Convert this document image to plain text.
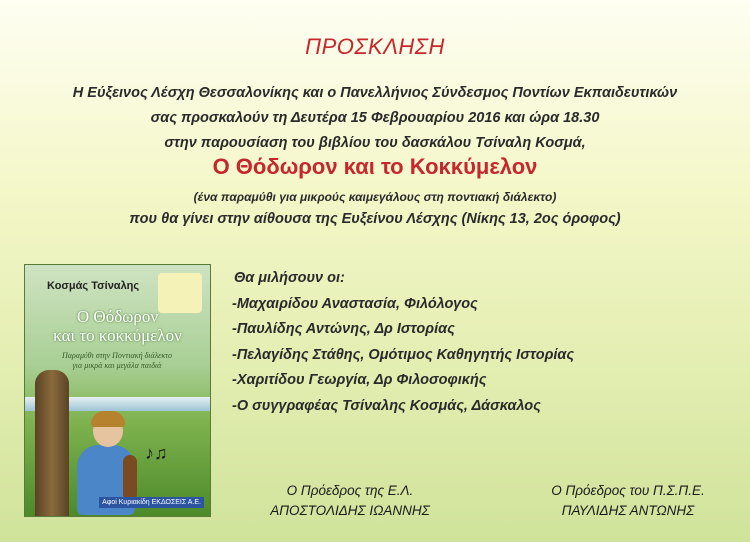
ΠΡΟΣΚΛΗΣΗ
Η Εύξεινος Λέσχη Θεσσαλονίκης και ο Πανελλήνιος Σύνδεσμος Ποντίων Εκπαιδευτικών
σας προσκαλούν τη Δευτέρα 15 Φεβρουαρίου 2016 και ώρα 18.30
στην παρουσίαση του βιβλίου του δασκάλου Τσίναλη Κοσμά,
Ο Θόδωρον και το Κοκκύμελον
(ένα παραμύθι για μικρούς καιμεγάλους στη ποντιακή διάλεκτο)
που θα γίνει στην αίθουσα της Ευξείνου Λέσχης (Νίκης 13, 2ος όροφος)
♪♫
Κοσμάς Τσίναλης
Ο Θόδωρον
και το κοκκύμελον
Παραμύθι στην Ποντιακή διάλεκτο
για μικρά και μεγάλα παιδιά
Αφοί Κυριακίδη ΕΚΔΟΣΕΙΣ Α.Ε.
Θα μιλήσουν οι:
-Μαχαιρίδου Αναστασία, Φιλόλογος
-Παυλίδης Αντώνης, Δρ Ιστορίας
-Πελαγίδης Στάθης, Ομότιμος Καθηγητής Ιστορίας
-Χαριτίδου Γεωργία, Δρ Φιλοσοφικής
-Ο συγγραφέας Τσίναλης Κοσμάς, Δάσκαλος
Ο Πρόεδρος της Ε.Λ.
ΑΠΟΣΤΟΛΙΔΗΣ ΙΩΑΝΝΗΣ
Ο Πρόεδρος του Π.Σ.Π.Ε.
ΠΑΥΛΙΔΗΣ ΑΝΤΩΝΗΣ
